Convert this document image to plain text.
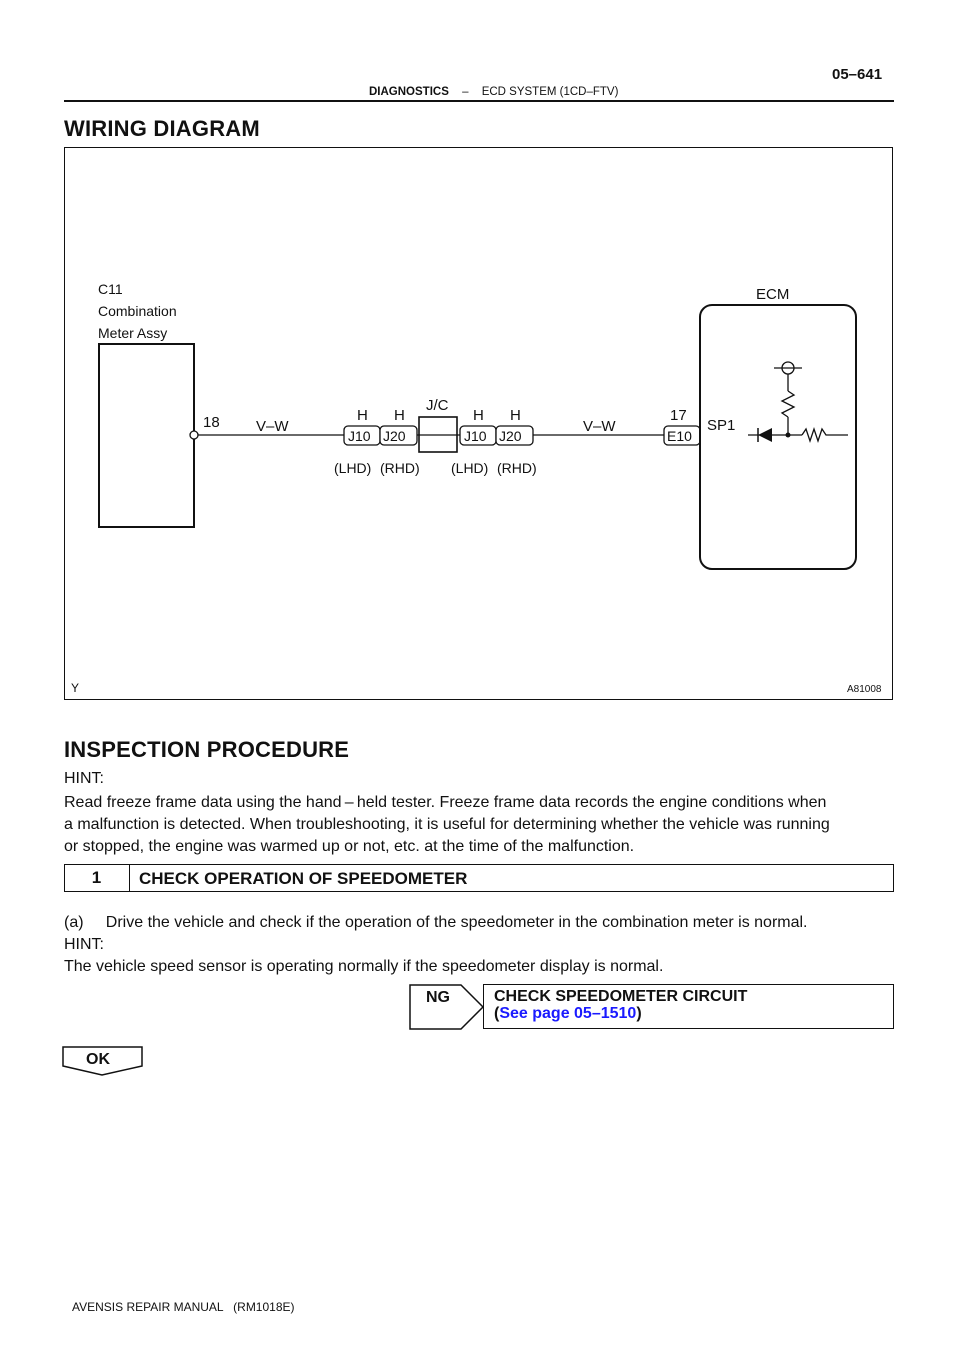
05–641
DIAGNOSTICS – ECD SYSTEM (1CD–FTV)
WIRING DIAGRAM
C11
Combination
Meter Assy
18 V–W	V–W
J10 J20
J/C
J10 J20
H H	H H
(LHD) (RHD) (LHD) (RHD)
E10
17
ECM
SP1
Y	A81008
INSPECTION PROCEDURE
HINT:
Read freeze frame data using the hand – held tester. Freeze frame data records the engine conditions when
a malfunction is detected. When troubleshooting, it is useful for determining whether the vehicle was running
or stopped, the engine was warmed up or not, etc. at the time of the malfunction.
1	CHECK OPERATION OF SPEEDOMETER
(a)     Drive the vehicle and check if the operation of the speedometer in the combination meter is normal.
HINT:
The vehicle speed sensor is operating normally if the speedometer display is normal.
NG	CHECK SPEEDOMETER CIRCUIT
(See page 05–1510)
OK
AVENSIS REPAIR MANUAL   (RM1018E)
